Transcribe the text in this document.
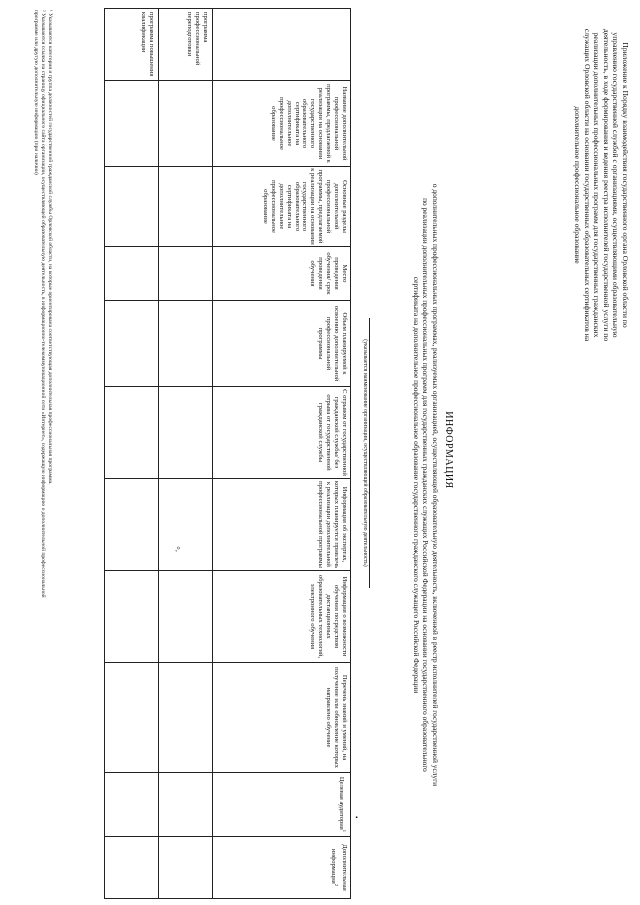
Приложение к Порядку взаимодействия государственного органа Орловской области по управлению государственной службой с организациями, осуществляющими образовательную деятельность, в ходе формирования и ведения реестра исполнителей государственной услуги по реализации дополнительных профессиональных программ для государственных гражданских служащих Орловской области на основании государственных образовательных сертификатов на дополнительное профессиональное образование
ИНФОРМАЦИЯ
о дополнительных профессиональных программах, реализуемых организацией, осуществляющей образовательную деятельность, включенной в реестр исполнителей государственной услуги по реализации дополнительных профессиональных программ для государственных гражданских служащих Российской Федерации на основании государственного образовательного сертификата на дополнительное профессиональное образование государственного гражданского служащего Российской Федерации
(указывается наименование организации, осуществляющей образовательную деятельность)
	Название дополнительной профессиональной программы, предлагаемой к реализации на основании государственного образовательного сертификата на дополнительное профессиональное образование	Основные разделы дополнительной профессиональной программы, предлагаемой к реализации на основании государственного образовательного сертификата на дополнительное профессиональное образование	Место проведения обучения/ срок проведения обучения	Объем планируемой к освоению дополнительной профессиональной программы	С отрывом от государственной гражданской службы/ без отрыва от государственной гражданской службы	Информация об экспертах, которых планируется привлечь к реализации дополнительной профессиональной программы	Информация о возможности обучения посредством дистанционных образовательных технологий, электронного обучения	Перечень знаний и умений, на получение или обновление которых направлено обучение	Целевая аудитория$^1$	Дополнительная информация$^2$
программа профессиональной переподготовки										
программа повышения квалификации										
•
⸰,
¹ Указываются категория и группа должностей государственной гражданской службы Орловской области, на которые ориентирована соответствующая дополнительная профессиональная программа.
² Указываются ссылка на страницу официального сайта организации, осуществляющей образовательную деятельность, в информационно-телекоммуникационной сети «Интернет», содержащую информацию о дополнительной профессиональной
программе или другую дополнительную информацию (при наличии)
